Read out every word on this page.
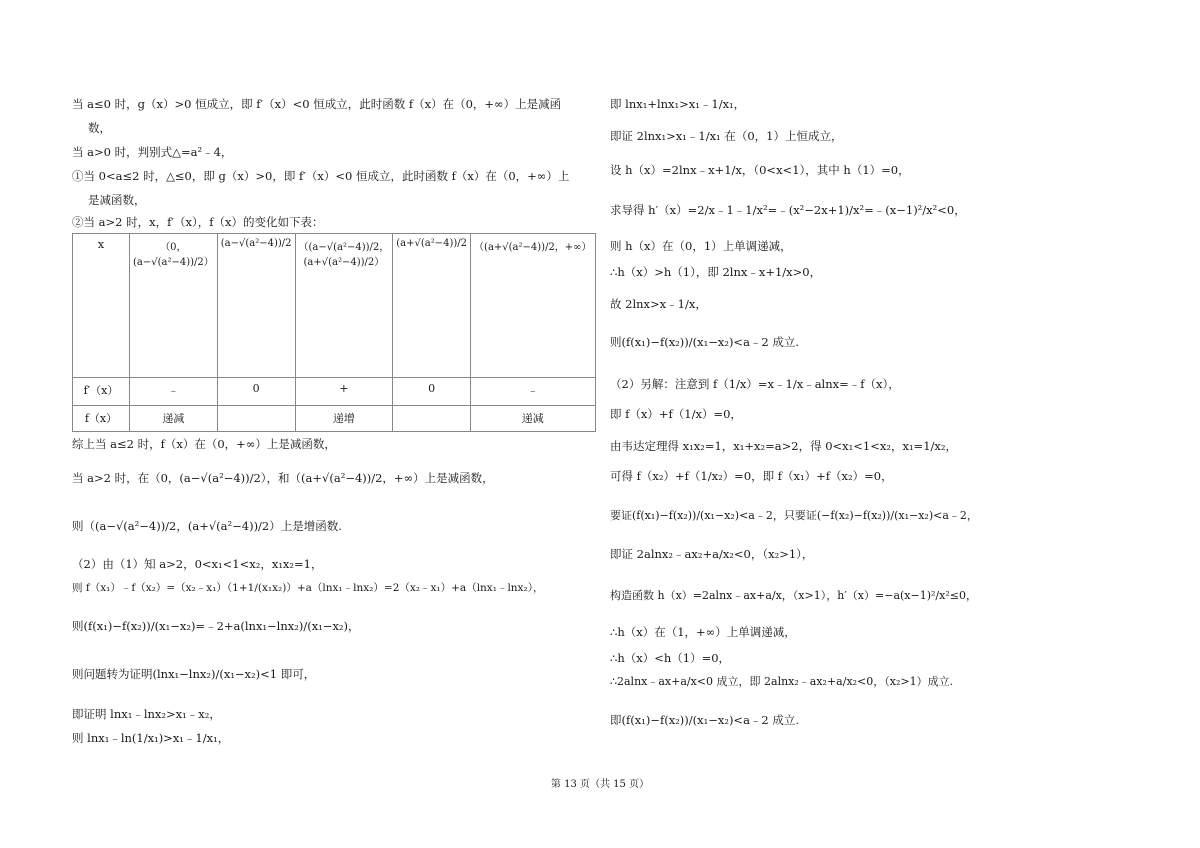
当 a≤0 时，g（x）>0 恒成立，即 f′（x）<0 恒成立，此时函数 f（x）在（0，+∞）上是减函
数，
当 a>0 时，判别式△=a²﹣4，
①当 0<a≤2 时，△≤0，即 g（x）>0，即 f′（x）<0 恒成立，此时函数 f（x）在（0，+∞）上
是减函数，
②当 a>2 时，x，f′（x），f（x）的变化如下表：
x	（0，(a−√(a²−4))/2）	(a−√(a²−4))/2	（(a−√(a²−4))/2，(a+√(a²−4))/2）	(a+√(a²−4))/2	（(a+√(a²−4))/2，+∞）
f′（x）	﹣	0	+	0	﹣
f（x）	递减		递增		递减
综上当 a≤2 时，f（x）在（0，+∞）上是减函数，
当 a>2 时，在（0，(a−√(a²−4))/2），和（(a+√(a²−4))/2，+∞）上是减函数，
则（(a−√(a²−4))/2，(a+√(a²−4))/2）上是增函数.
（2）由（1）知 a>2，0<x₁<1<x₂，x₁x₂=1，
则 f（x₁）﹣f（x₂）=（x₂﹣x₁）（1+1/(x₁x₂)）+a（lnx₁﹣lnx₂）=2（x₂﹣x₁）+a（lnx₁﹣lnx₂），
则(f(x₁)−f(x₂))/(x₁−x₂)=﹣2+a(lnx₁−lnx₂)/(x₁−x₂)，
则问题转为证明(lnx₁−lnx₂)/(x₁−x₂)<1 即可，
即证明 lnx₁﹣lnx₂>x₁﹣x₂，
则 lnx₁﹣ln(1/x₁)>x₁﹣1/x₁，
即 lnx₁+lnx₁>x₁﹣1/x₁，
即证 2lnx₁>x₁﹣1/x₁ 在（0，1）上恒成立，
设 h（x）=2lnx﹣x+1/x，（0<x<1），其中 h（1）=0，
求导得 h′（x）=2/x﹣1﹣1/x²=﹣(x²−2x+1)/x²=﹣(x−1)²/x²<0，
则 h（x）在（0，1）上单调递减，
∴h（x）>h（1），即 2lnx﹣x+1/x>0，
故 2lnx>x﹣1/x，
则(f(x₁)−f(x₂))/(x₁−x₂)<a﹣2 成立.
（2）另解：注意到 f（1/x）=x﹣1/x﹣alnx=﹣f（x），
即 f（x）+f（1/x）=0，
由韦达定理得 x₁x₂=1，x₁+x₂=a>2，得 0<x₁<1<x₂，x₁=1/x₂，
可得 f（x₂）+f（1/x₂）=0，即 f（x₁）+f（x₂）=0，
要证(f(x₁)−f(x₂))/(x₁−x₂)<a﹣2，只要证(−f(x₂)−f(x₂))/(x₁−x₂)<a﹣2，
即证 2alnx₂﹣ax₂+a/x₂<0，（x₂>1），
构造函数 h（x）=2alnx﹣ax+a/x，（x>1），h′（x）=−a(x−1)²/x²≤0，
∴h（x）在（1，+∞）上单调递减，
∴h（x）<h（1）=0，
∴2alnx﹣ax+a/x<0 成立，即 2alnx₂﹣ax₂+a/x₂<0，（x₂>1）成立.
即(f(x₁)−f(x₂))/(x₁−x₂)<a﹣2 成立.
第 13 页（共 15 页）
